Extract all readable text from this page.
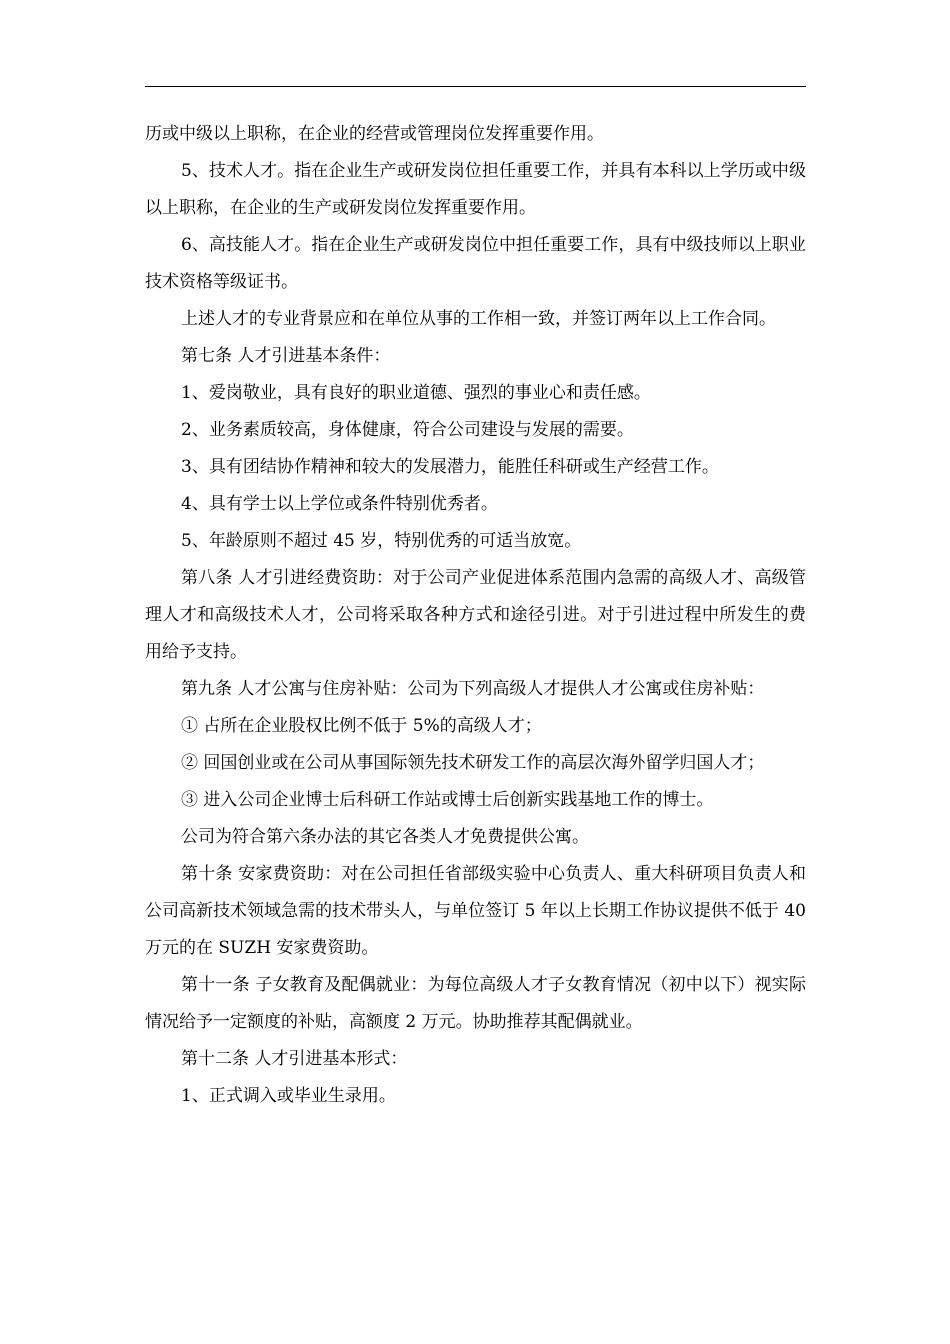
历或中级以上职称，在企业的经营或管理岗位发挥重要作用。

5、技术人才。指在企业生产或研发岗位担任重要工作，并具有本科以上学历或中级以上职称，在企业的生产或研发岗位发挥重要作用。

6、高技能人才。指在企业生产或研发岗位中担任重要工作，具有中级技师以上职业技术资格等级证书。

上述人才的专业背景应和在单位从事的工作相一致，并签订两年以上工作合同。

第七条 人才引进基本条件：

1、爱岗敬业，具有良好的职业道德、强烈的事业心和责任感。

2、业务素质较高，身体健康，符合公司建设与发展的需要。

3、具有团结协作精神和较大的发展潜力，能胜任科研或生产经营工作。

4、具有学士以上学位或条件特别优秀者。

5、年龄原则不超过 45 岁，特别优秀的可适当放宽。

第八条 人才引进经费资助：对于公司产业促进体系范围内急需的高级人才、高级管理人才和高级技术人才，公司将采取各种方式和途径引进。对于引进过程中所发生的费用给予支持。

第九条 人才公寓与住房补贴：公司为下列高级人才提供人才公寓或住房补贴：

① 占所在企业股权比例不低于 5%的高级人才；

② 回国创业或在公司从事国际领先技术研发工作的高层次海外留学归国人才；

③ 进入公司企业博士后科研工作站或博士后创新实践基地工作的博士。

公司为符合第六条办法的其它各类人才免费提供公寓。

第十条 安家费资助：对在公司担任省部级实验中心负责人、重大科研项目负责人和公司高新技术领域急需的技术带头人，与单位签订 5 年以上长期工作协议提供不低于 40 万元的在 SUZH 安家费资助。

第十一条 子女教育及配偶就业：为每位高级人才子女教育情况（初中以下）视实际情况给予一定额度的补贴，高额度 2 万元。协助推荐其配偶就业。

第十二条 人才引进基本形式：

1、正式调入或毕业生录用。
